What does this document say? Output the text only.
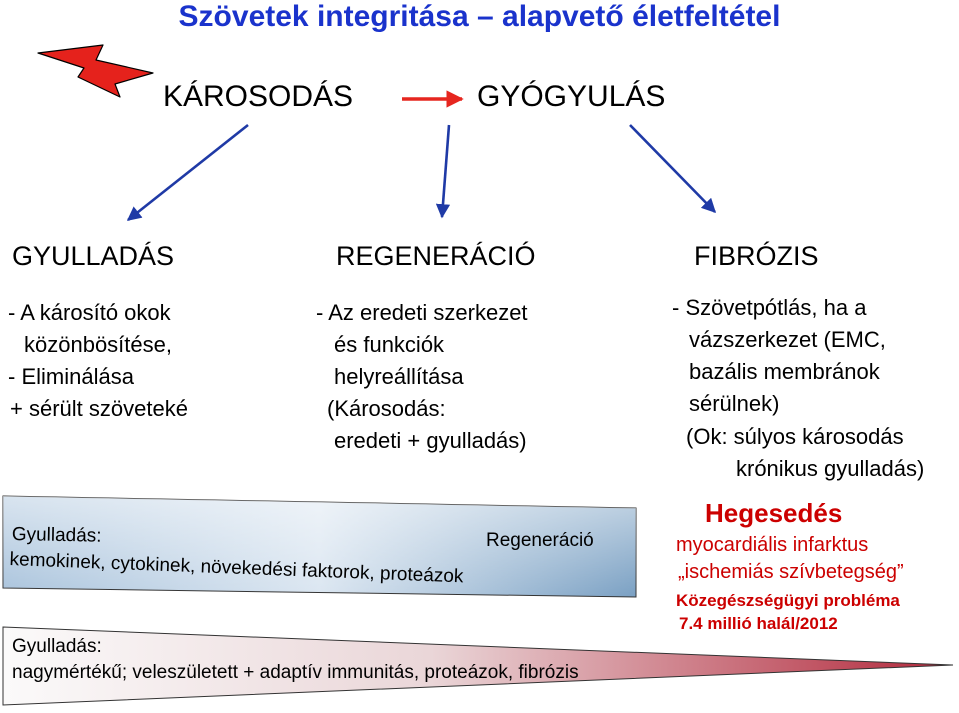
Szövetek integritása – alapvető életfeltétel
KÁROSODÁS	GYÓGYULÁS
GYULLADÁS	REGENERÁCIÓ	FIBRÓZIS
- A károsító okok
közönbösítése,
- Eliminálása
+ sérült szöveteké
- Az eredeti szerkezet
és funkciók
helyreállítása
(Károsodás:
eredeti + gyulladás)
- Szövetpótlás, ha a
vázszerkezet (EMC,
bazális membránok
sérülnek)
(Ok: súlyos károsodás
krónikus gyulladás)
Gyulladás:
kemokinek, cytokinek, növekedési faktorok, proteázok
Regeneráció
Gyulladás:
nagymértékű; veleszületett + adaptív immunitás, proteázok, fibrózis
Hegesedés
myocardiális infarktus
„ischemiás szívbetegség”
Közegészségügyi probléma
7.4 millió halál/2012
